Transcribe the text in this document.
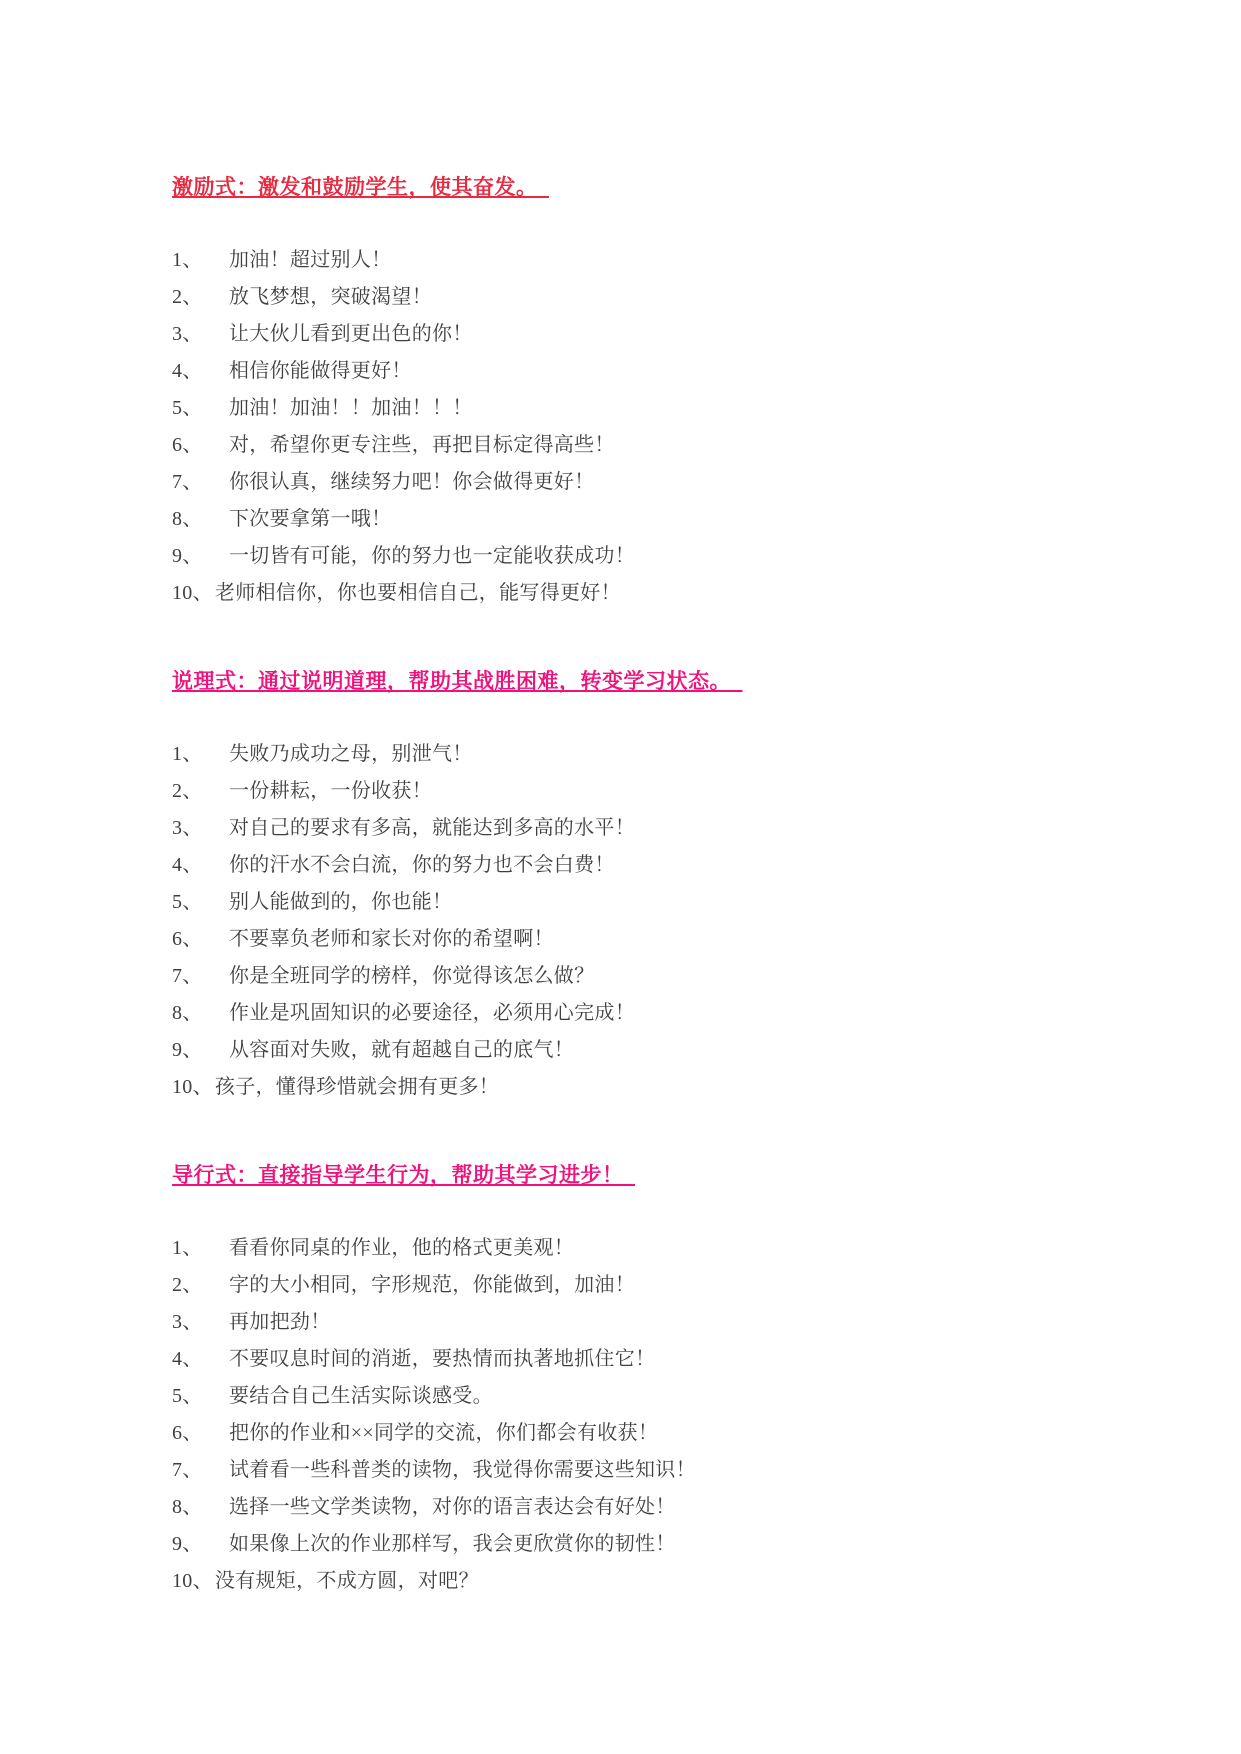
激励式：激发和鼓励学生，使其奋发。
1、	加油！超过别人！
2、	放飞梦想，突破渴望！
3、	让大伙儿看到更出色的你！
4、	相信你能做得更好！
5、	加油！加油！！加油！！！
6、	对，希望你更专注些，再把目标定得高些！
7、	你很认真，继续努力吧！你会做得更好！
8、	下次要拿第一哦！
9、	一切皆有可能，你的努力也一定能收获成功！
10、 老师相信你，你也要相信自己，能写得更好！
说理式：通过说明道理，帮助其战胜困难，转变学习状态。
1、	失败乃成功之母，别泄气！
2、	一份耕耘，一份收获！
3、	对自己的要求有多高，就能达到多高的水平！
4、	你的汗水不会白流，你的努力也不会白费！
5、	别人能做到的，你也能！
6、	不要辜负老师和家长对你的希望啊！
7、	你是全班同学的榜样，你觉得该怎么做？
8、	作业是巩固知识的必要途径，必须用心完成！
9、	从容面对失败，就有超越自己的底气！
10、 孩子，懂得珍惜就会拥有更多！
导行式：直接指导学生行为，帮助其学习进步！
1、	看看你同桌的作业，他的格式更美观！
2、	字的大小相同，字形规范，你能做到，加油！
3、	再加把劲！
4、	不要叹息时间的消逝，要热情而执著地抓住它！
5、	要结合自己生活实际谈感受。
6、	把你的作业和××同学的交流，你们都会有收获！
7、	试着看一些科普类的读物，我觉得你需要这些知识！
8、	选择一些文学类读物，对你的语言表达会有好处！
9、	如果像上次的作业那样写，我会更欣赏你的韧性！
10、 没有规矩，不成方圆，对吧？
